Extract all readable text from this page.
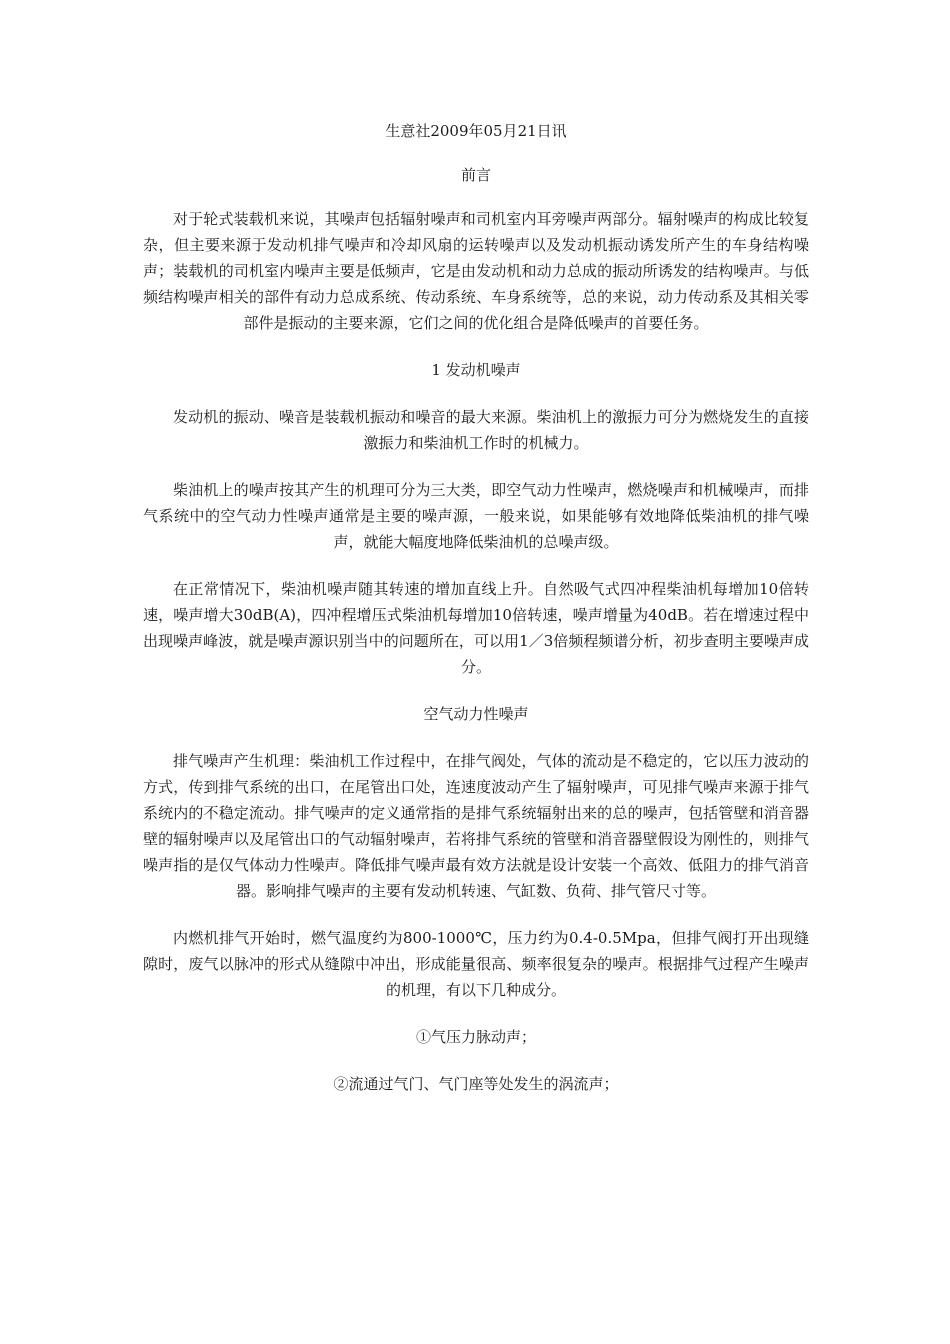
生意社2009年05月21日讯

前言

对于轮式装载机来说，其噪声包括辐射噪声和司机室内耳旁噪声两部分。辐射噪声的构成比较复杂，但主要来源于发动机排气噪声和冷却风扇的运转噪声以及发动机振动诱发所产生的车身结构噪声；装载机的司机室内噪声主要是低频声，它是由发动机和动力总成的振动所诱发的结构噪声。与低频结构噪声相关的部件有动力总成系统、传动系统、车身系统等，总的来说，动力传动系及其相关零部件是振动的主要来源，它们之间的优化组合是降低噪声的首要任务。

1 发动机噪声

发动机的振动、噪音是装载机振动和噪音的最大来源。柴油机上的激振力可分为燃烧发生的直接激振力和柴油机工作时的机械力。

柴油机上的噪声按其产生的机理可分为三大类，即空气动力性噪声，燃烧噪声和机械噪声，而排气系统中的空气动力性噪声通常是主要的噪声源，一般来说，如果能够有效地降低柴油机的排气噪声，就能大幅度地降低柴油机的总噪声级。

在正常情况下，柴油机噪声随其转速的增加直线上升。自然吸气式四冲程柴油机每增加10倍转速，噪声增大30dB(A)，四冲程增压式柴油机每增加10倍转速，噪声增量为40dB。若在增速过程中出现噪声峰波，就是噪声源识别当中的问题所在，可以用1／3倍频程频谱分析，初步查明主要噪声成分。

空气动力性噪声

排气噪声产生机理：柴油机工作过程中，在排气阀处，气体的流动是不稳定的，它以压力波动的方式，传到排气系统的出口，在尾管出口处，连速度波动产生了辐射噪声，可见排气噪声来源于排气系统内的不稳定流动。排气噪声的定义通常指的是排气系统辐射出来的总的噪声，包括管壁和消音器壁的辐射噪声以及尾管出口的气动辐射噪声，若将排气系统的管壁和消音器壁假设为刚性的，则排气噪声指的是仅气体动力性噪声。降低排气噪声最有效方法就是设计安装一个高效、低阻力的排气消音器。影响排气噪声的主要有发动机转速、气缸数、负荷、排气管尺寸等。

内燃机排气开始时，燃气温度约为800-1000℃，压力约为0.4-0.5Mpa，但排气阀打开出现缝隙时，废气以脉冲的形式从缝隙中冲出，形成能量很高、频率很复杂的噪声。根据排气过程产生噪声的机理，有以下几种成分。

①气压力脉动声；

②流通过气门、气门座等处发生的涡流声；
